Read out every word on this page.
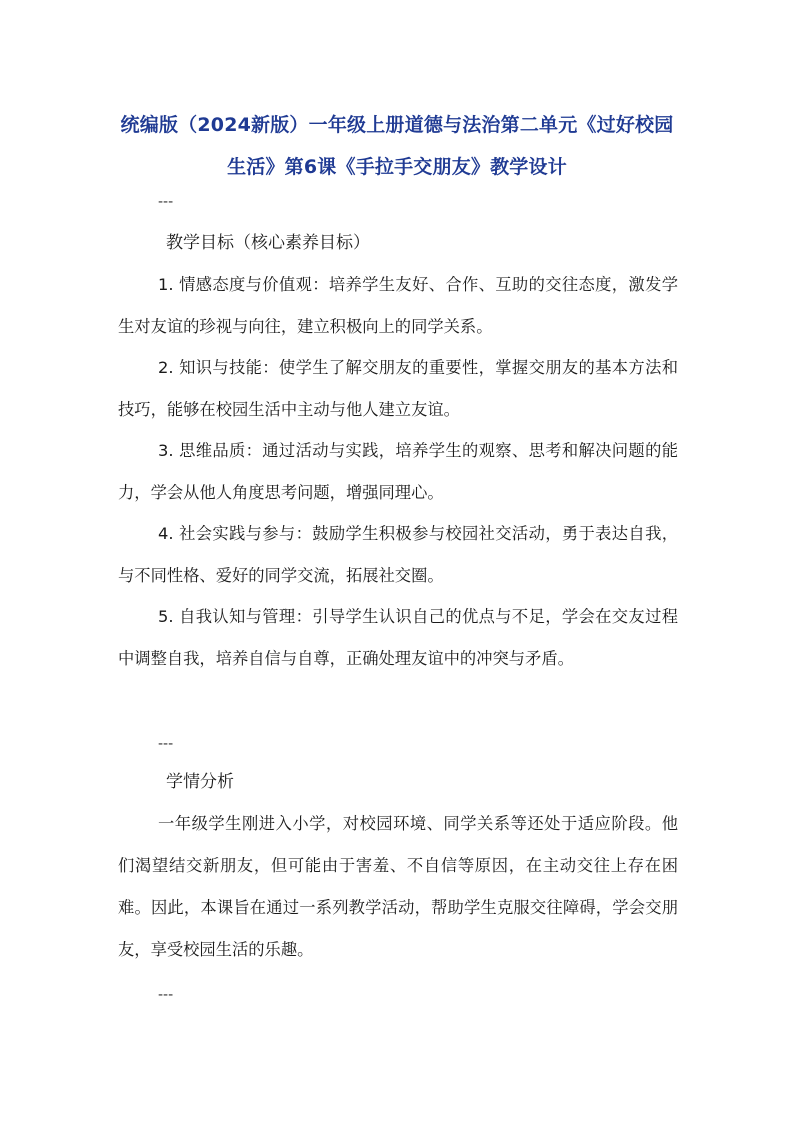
统编版（2024新版）一年级上册道德与法治第二单元《过好校园生活》第6课《手拉手交朋友》教学设计
---
教学目标（核心素养目标）

1. 情感态度与价值观：培养学生友好、合作、互助的交往态度，激发学生对友谊的珍视与向往，建立积极向上的同学关系。

2. 知识与技能：使学生了解交朋友的重要性，掌握交朋友的基本方法和技巧，能够在校园生活中主动与他人建立友谊。

3. 思维品质：通过活动与实践，培养学生的观察、思考和解决问题的能力，学会从他人角度思考问题，增强同理心。

4. 社会实践与参与：鼓励学生积极参与校园社交活动，勇于表达自我，与不同性格、爱好的同学交流，拓展社交圈。

5. 自我认知与管理：引导学生认识自己的优点与不足，学会在交友过程中调整自我，培养自信与自尊，正确处理友谊中的冲突与矛盾。

---
学情分析

一年级学生刚进入小学，对校园环境、同学关系等还处于适应阶段。他们渴望结交新朋友，但可能由于害羞、不自信等原因，在主动交往上存在困难。因此，本课旨在通过一系列教学活动，帮助学生克服交往障碍，学会交朋友，享受校园生活的乐趣。

---
